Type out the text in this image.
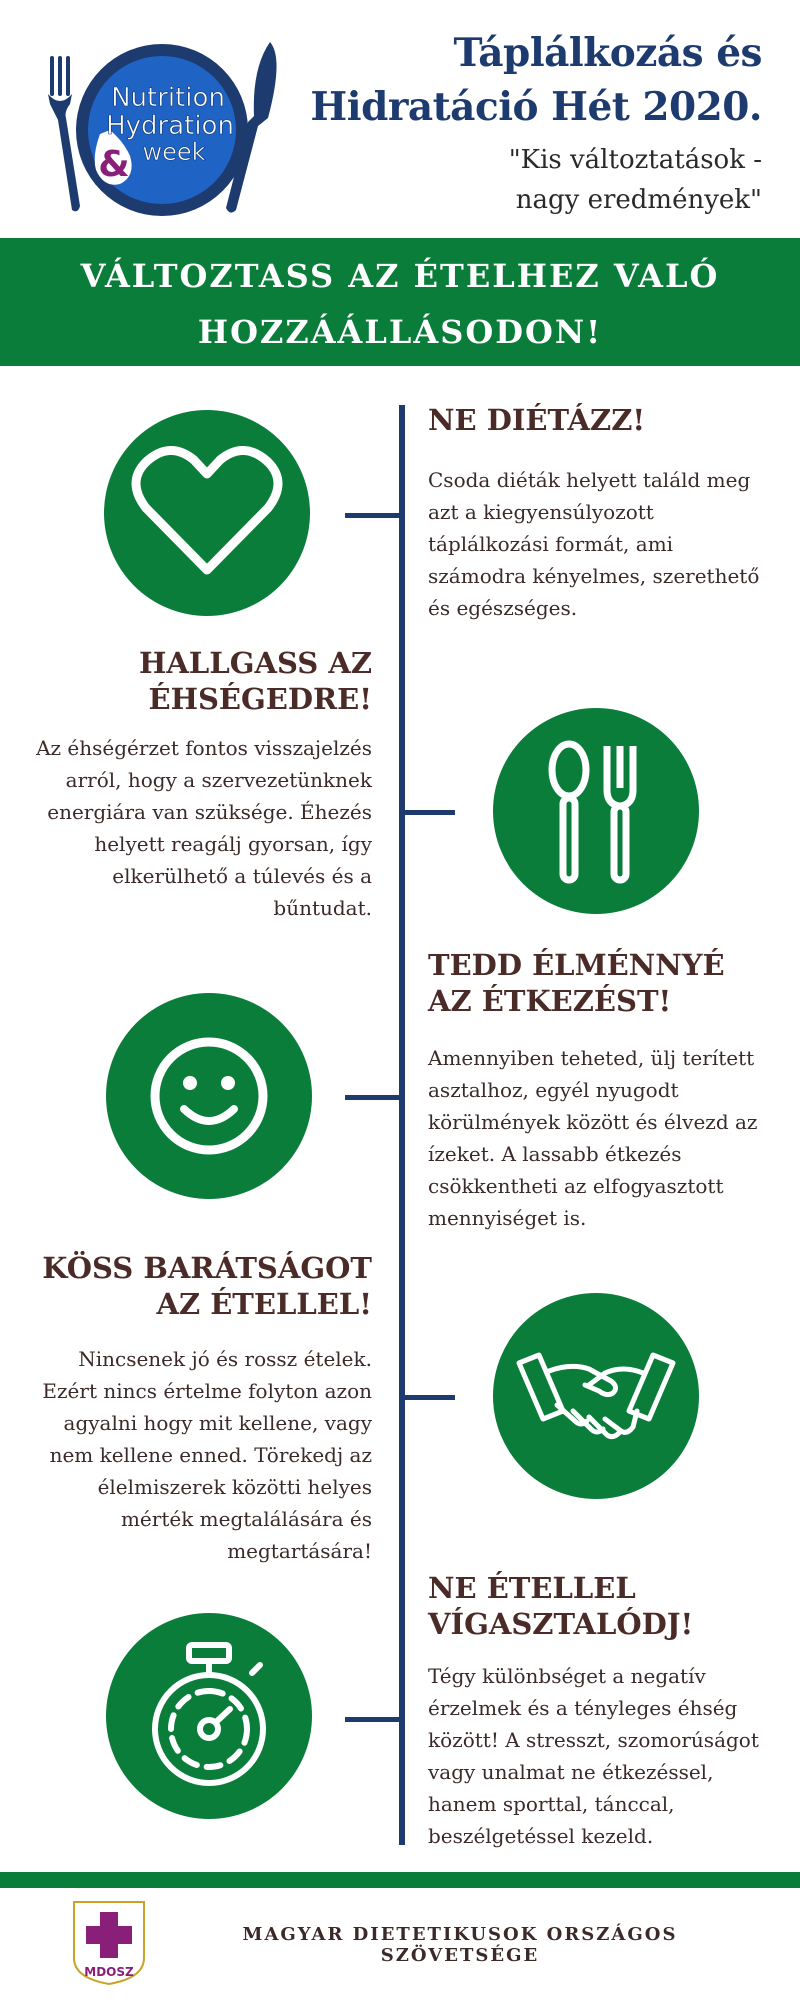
&
Nutrition
Hydration
week
Táplálkozás és
Hidratáció Hét 2020.
"Kis változtatások -
nagy eredmények"
VÁLTOZTASS AZ ÉTELHEZ VALÓ
HOZZÁÁLLÁSODON!
NE DIÉTÁZZ!
Csoda diéták helyett találd meg azt a kiegyensúlyozott táplálkozási formát, ami számodra kényelmes, szerethető és egészséges.
HALLGASS AZ
ÉHSÉGEDRE!
Az éhségérzet fontos visszajelzés arról, hogy a szervezetünknek energiára van szüksége. Éhezés helyett reagálj gyorsan, így elkerülhető a túlevés és a bűntudat.
TEDD ÉLMÉNNYÉ
AZ ÉTKEZÉST!
Amennyiben teheted, ülj terített asztalhoz, egyél nyugodt körülmények között és élvezd az ízeket. A lassabb étkezés csökkentheti az elfogyasztott mennyiséget is.
KÖSS BARÁTSÁGOT
AZ ÉTELLEL!
Nincsenek jó és rossz ételek. Ezért nincs értelme folyton azon agyalni hogy mit kellene, vagy nem kellene enned. Törekedj az élelmiszerek közötti helyes mérték megtalálására és megtartására!
NE ÉTELLEL
VÍGASZTALÓDJ!
Tégy különbséget a negatív érzelmek és a tényleges éhség között! A stresszt, szomorúságot vagy unalmat ne étkezéssel, hanem sporttal, tánccal, beszélgetéssel kezeld.
MDOSZ
MAGYAR DIETETIKUSOK ORSZÁGOS SZÖVETSÉGE
